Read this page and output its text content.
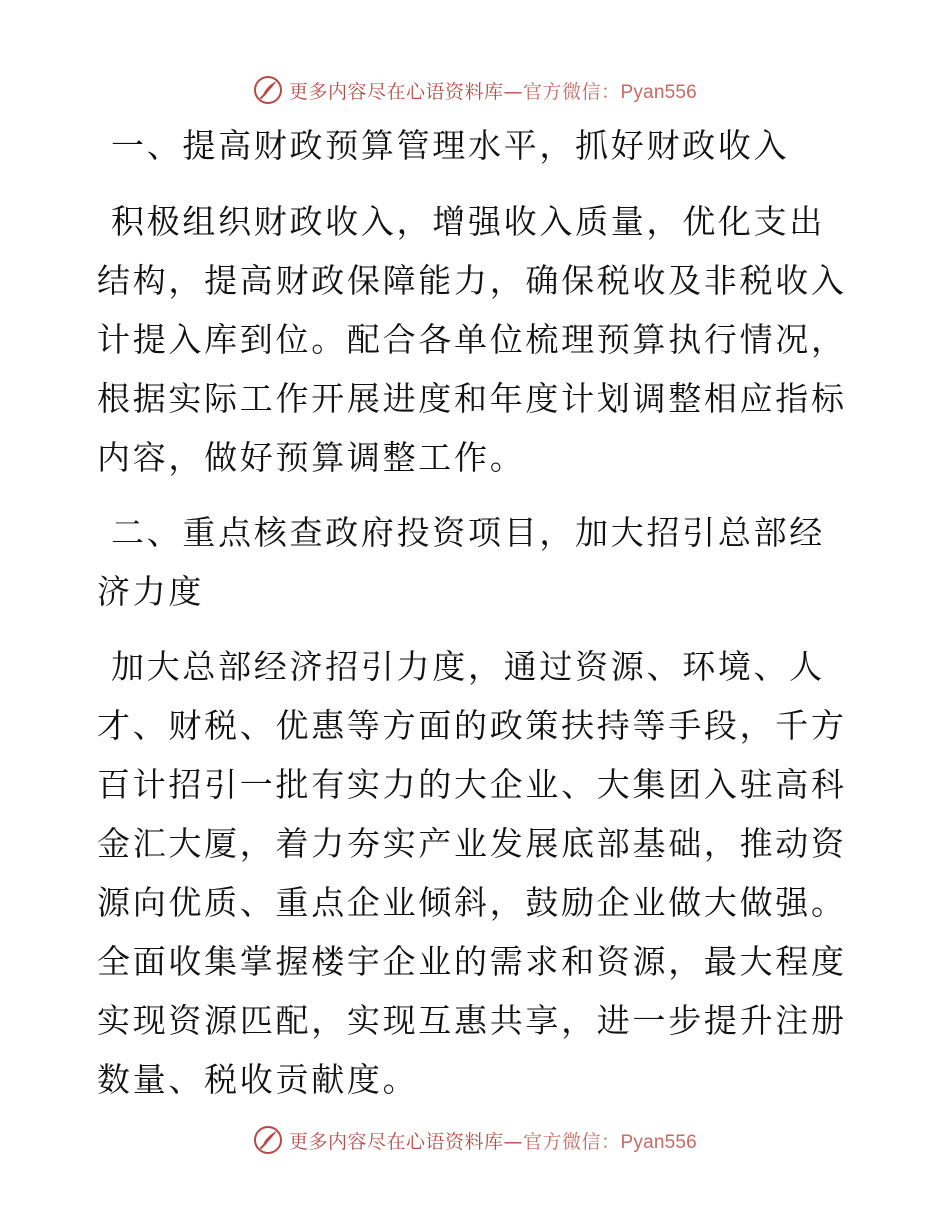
更多内容尽在心语资料库—官方微信：Pyan556

一、提高财政预算管理水平，抓好财政收入

积极组织财政收入，增强收入质量，优化支出结构，提高财政保障能力，确保税收及非税收入计提入库到位。配合各单位梳理预算执行情况，根据实际工作开展进度和年度计划调整相应指标内容，做好预算调整工作。

二、重点核查政府投资项目，加大招引总部经济力度

加大总部经济招引力度，通过资源、环境、人才、财税、优惠等方面的政策扶持等手段，千方百计招引一批有实力的大企业、大集团入驻高科金汇大厦，着力夯实产业发展底部基础，推动资源向优质、重点企业倾斜，鼓励企业做大做强。全面收集掌握楼宇企业的需求和资源，最大程度实现资源匹配，实现互惠共享，进一步提升注册数量、税收贡献度。

更多内容尽在心语资料库—官方微信：Pyan556
